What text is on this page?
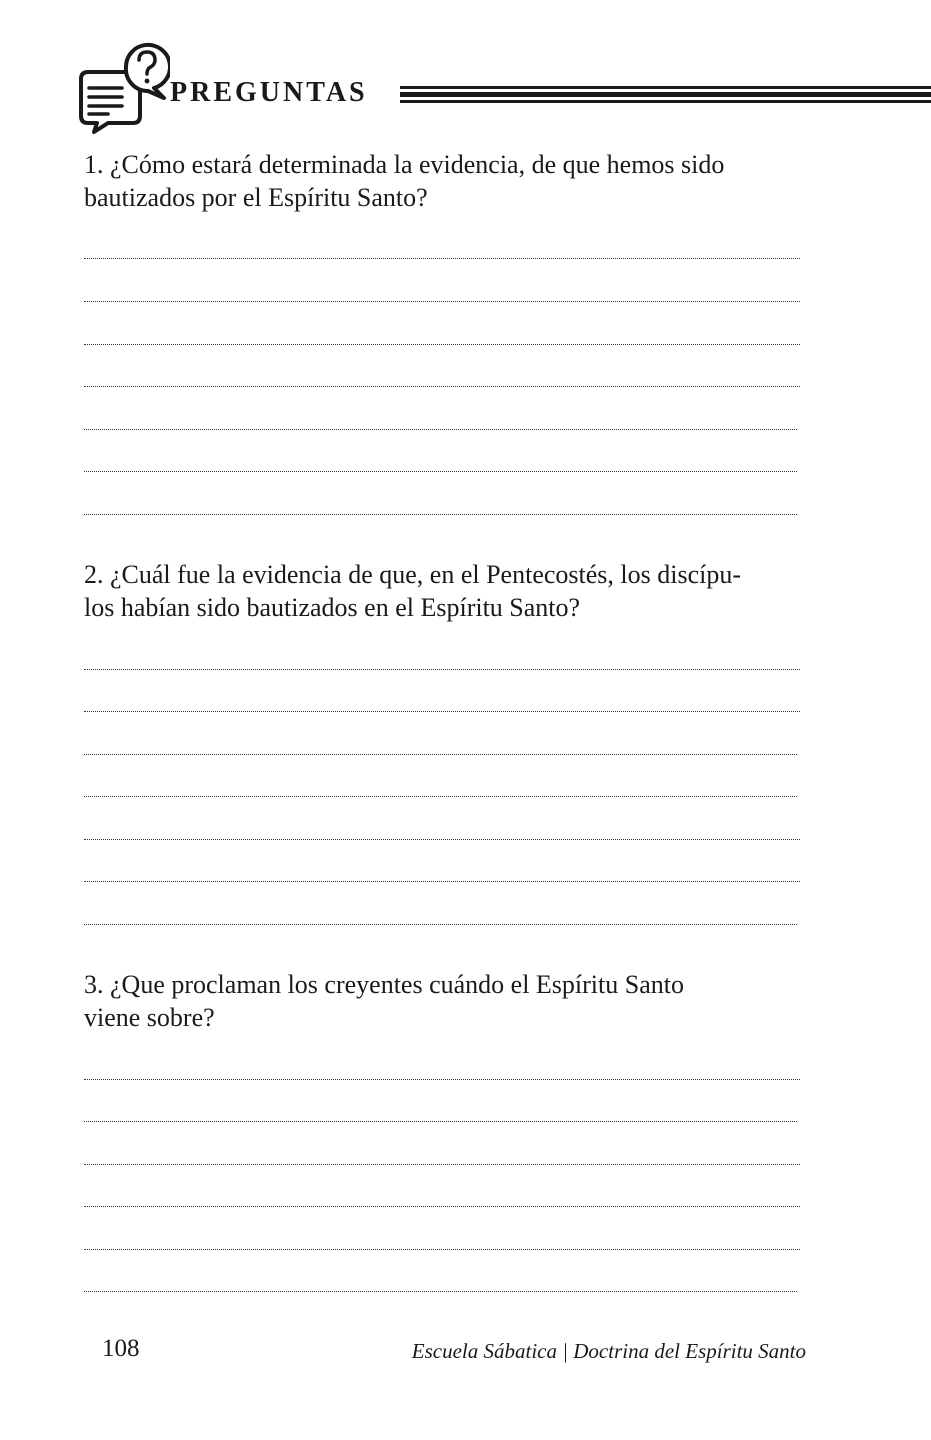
PREGUNTAS

1. ¿Cómo estará determinada la evidencia, de que hemos sido
bautizados por el Espíritu Santo?

2. ¿Cuál fue la evidencia de que, en el Pentecostés, los discípu-
los habían sido bautizados en el Espíritu Santo?

3. ¿Que proclaman los creyentes cuándo el Espíritu Santo
viene sobre?

108	Escuela Sábatica | Doctrina del Espíritu Santo
